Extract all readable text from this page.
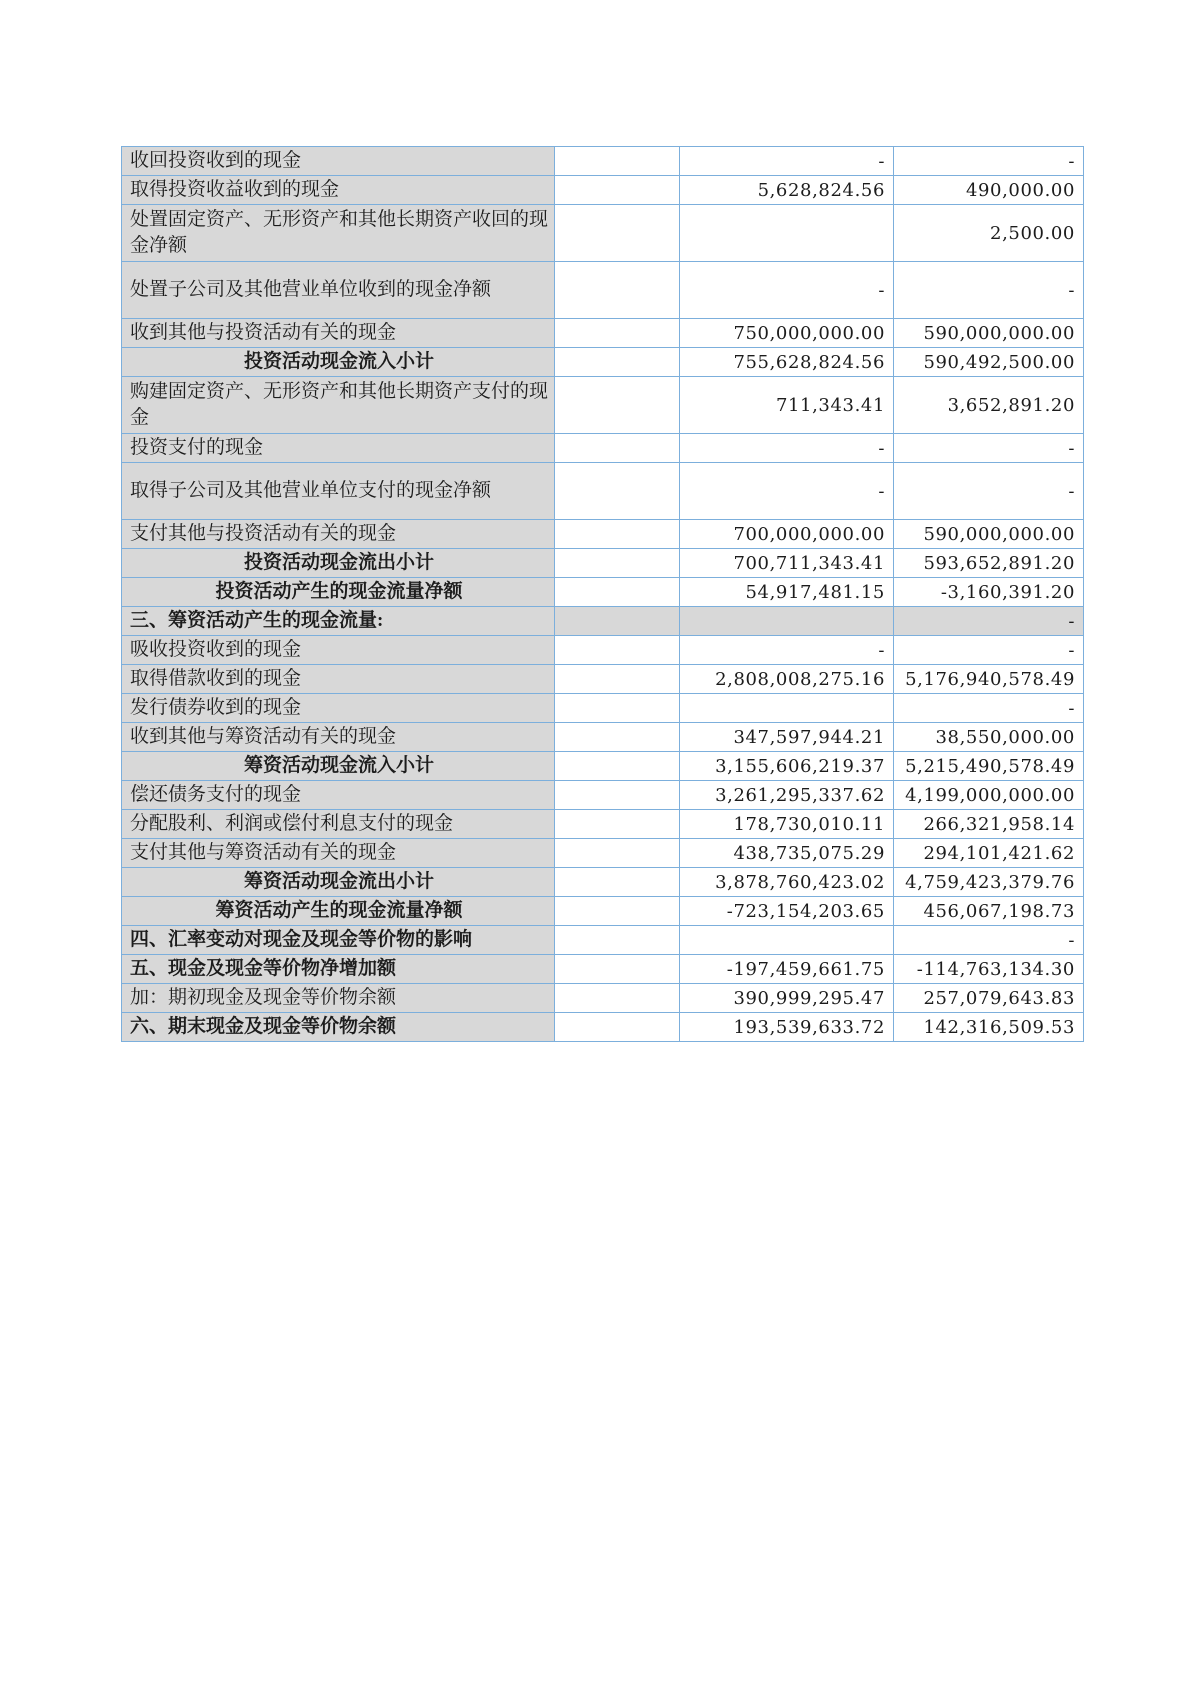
收回投资收到的现金		-	-
取得投资收益收到的现金		5,628,824.56	490,000.00
处置固定资产、无形资产和其他长期资产收回的现金净额			2,500.00
处置子公司及其他营业单位收到的现金净额		-	-
收到其他与投资活动有关的现金		750,000,000.00	590,000,000.00
投资活动现金流入小计		755,628,824.56	590,492,500.00
购建固定资产、无形资产和其他长期资产支付的现金		711,343.41	3,652,891.20
投资支付的现金		-	-
取得子公司及其他营业单位支付的现金净额		-	-
支付其他与投资活动有关的现金		700,000,000.00	590,000,000.00
投资活动现金流出小计		700,711,343.41	593,652,891.20
投资活动产生的现金流量净额		54,917,481.15	-3,160,391.20
三、筹资活动产生的现金流量:			-
吸收投资收到的现金		-	-
取得借款收到的现金		2,808,008,275.16	5,176,940,578.49
发行债券收到的现金			-
收到其他与筹资活动有关的现金		347,597,944.21	38,550,000.00
筹资活动现金流入小计		3,155,606,219.37	5,215,490,578.49
偿还债务支付的现金		3,261,295,337.62	4,199,000,000.00
分配股利、利润或偿付利息支付的现金		178,730,010.11	266,321,958.14
支付其他与筹资活动有关的现金		438,735,075.29	294,101,421.62
筹资活动现金流出小计		3,878,760,423.02	4,759,423,379.76
筹资活动产生的现金流量净额		-723,154,203.65	456,067,198.73
四、汇率变动对现金及现金等价物的影响			-
五、现金及现金等价物净增加额		-197,459,661.75	-114,763,134.30
加：期初现金及现金等价物余额		390,999,295.47	257,079,643.83
六、期末现金及现金等价物余额		193,539,633.72	142,316,509.53
